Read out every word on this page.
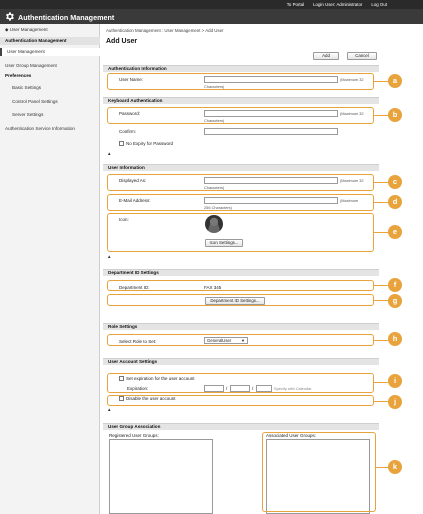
To Portal Login User: Administrator Log Out
Authentication Management
◆ User Management
Authentication Management
User Management
User Group Management
Preferences
Basic Settings
Control Panel Settings
Server Settings
Authentication Service Information
Authentication Management : User Management > Add User
Add User
Add	Cancel
Authentication Information
User Name:	(Maximum 32
Characters)
Keyboard Authentication
Password:	(Maximum 32
Characters)
Confirm:
No Expiry for Password
▲
User Information
Displayed As:	(Maximum 32
Characters)
E-Mail Address:	(Maximum
256 Characters)
Icon:
Icon Settings...
▲
Department ID Settings
Department ID:	FAX 345
Department ID Settings...
Role Settings
Select Role to Set:	GeneralUser ▼
User Account Settings
Set expiration for the user account
Expiration:	/	/	Specify with Calendar
Disable the user account
▲
User Group Association
Registered User Groups:	Associated User Groups:
a
b
c
d
e
f
g
h
i
j
k
